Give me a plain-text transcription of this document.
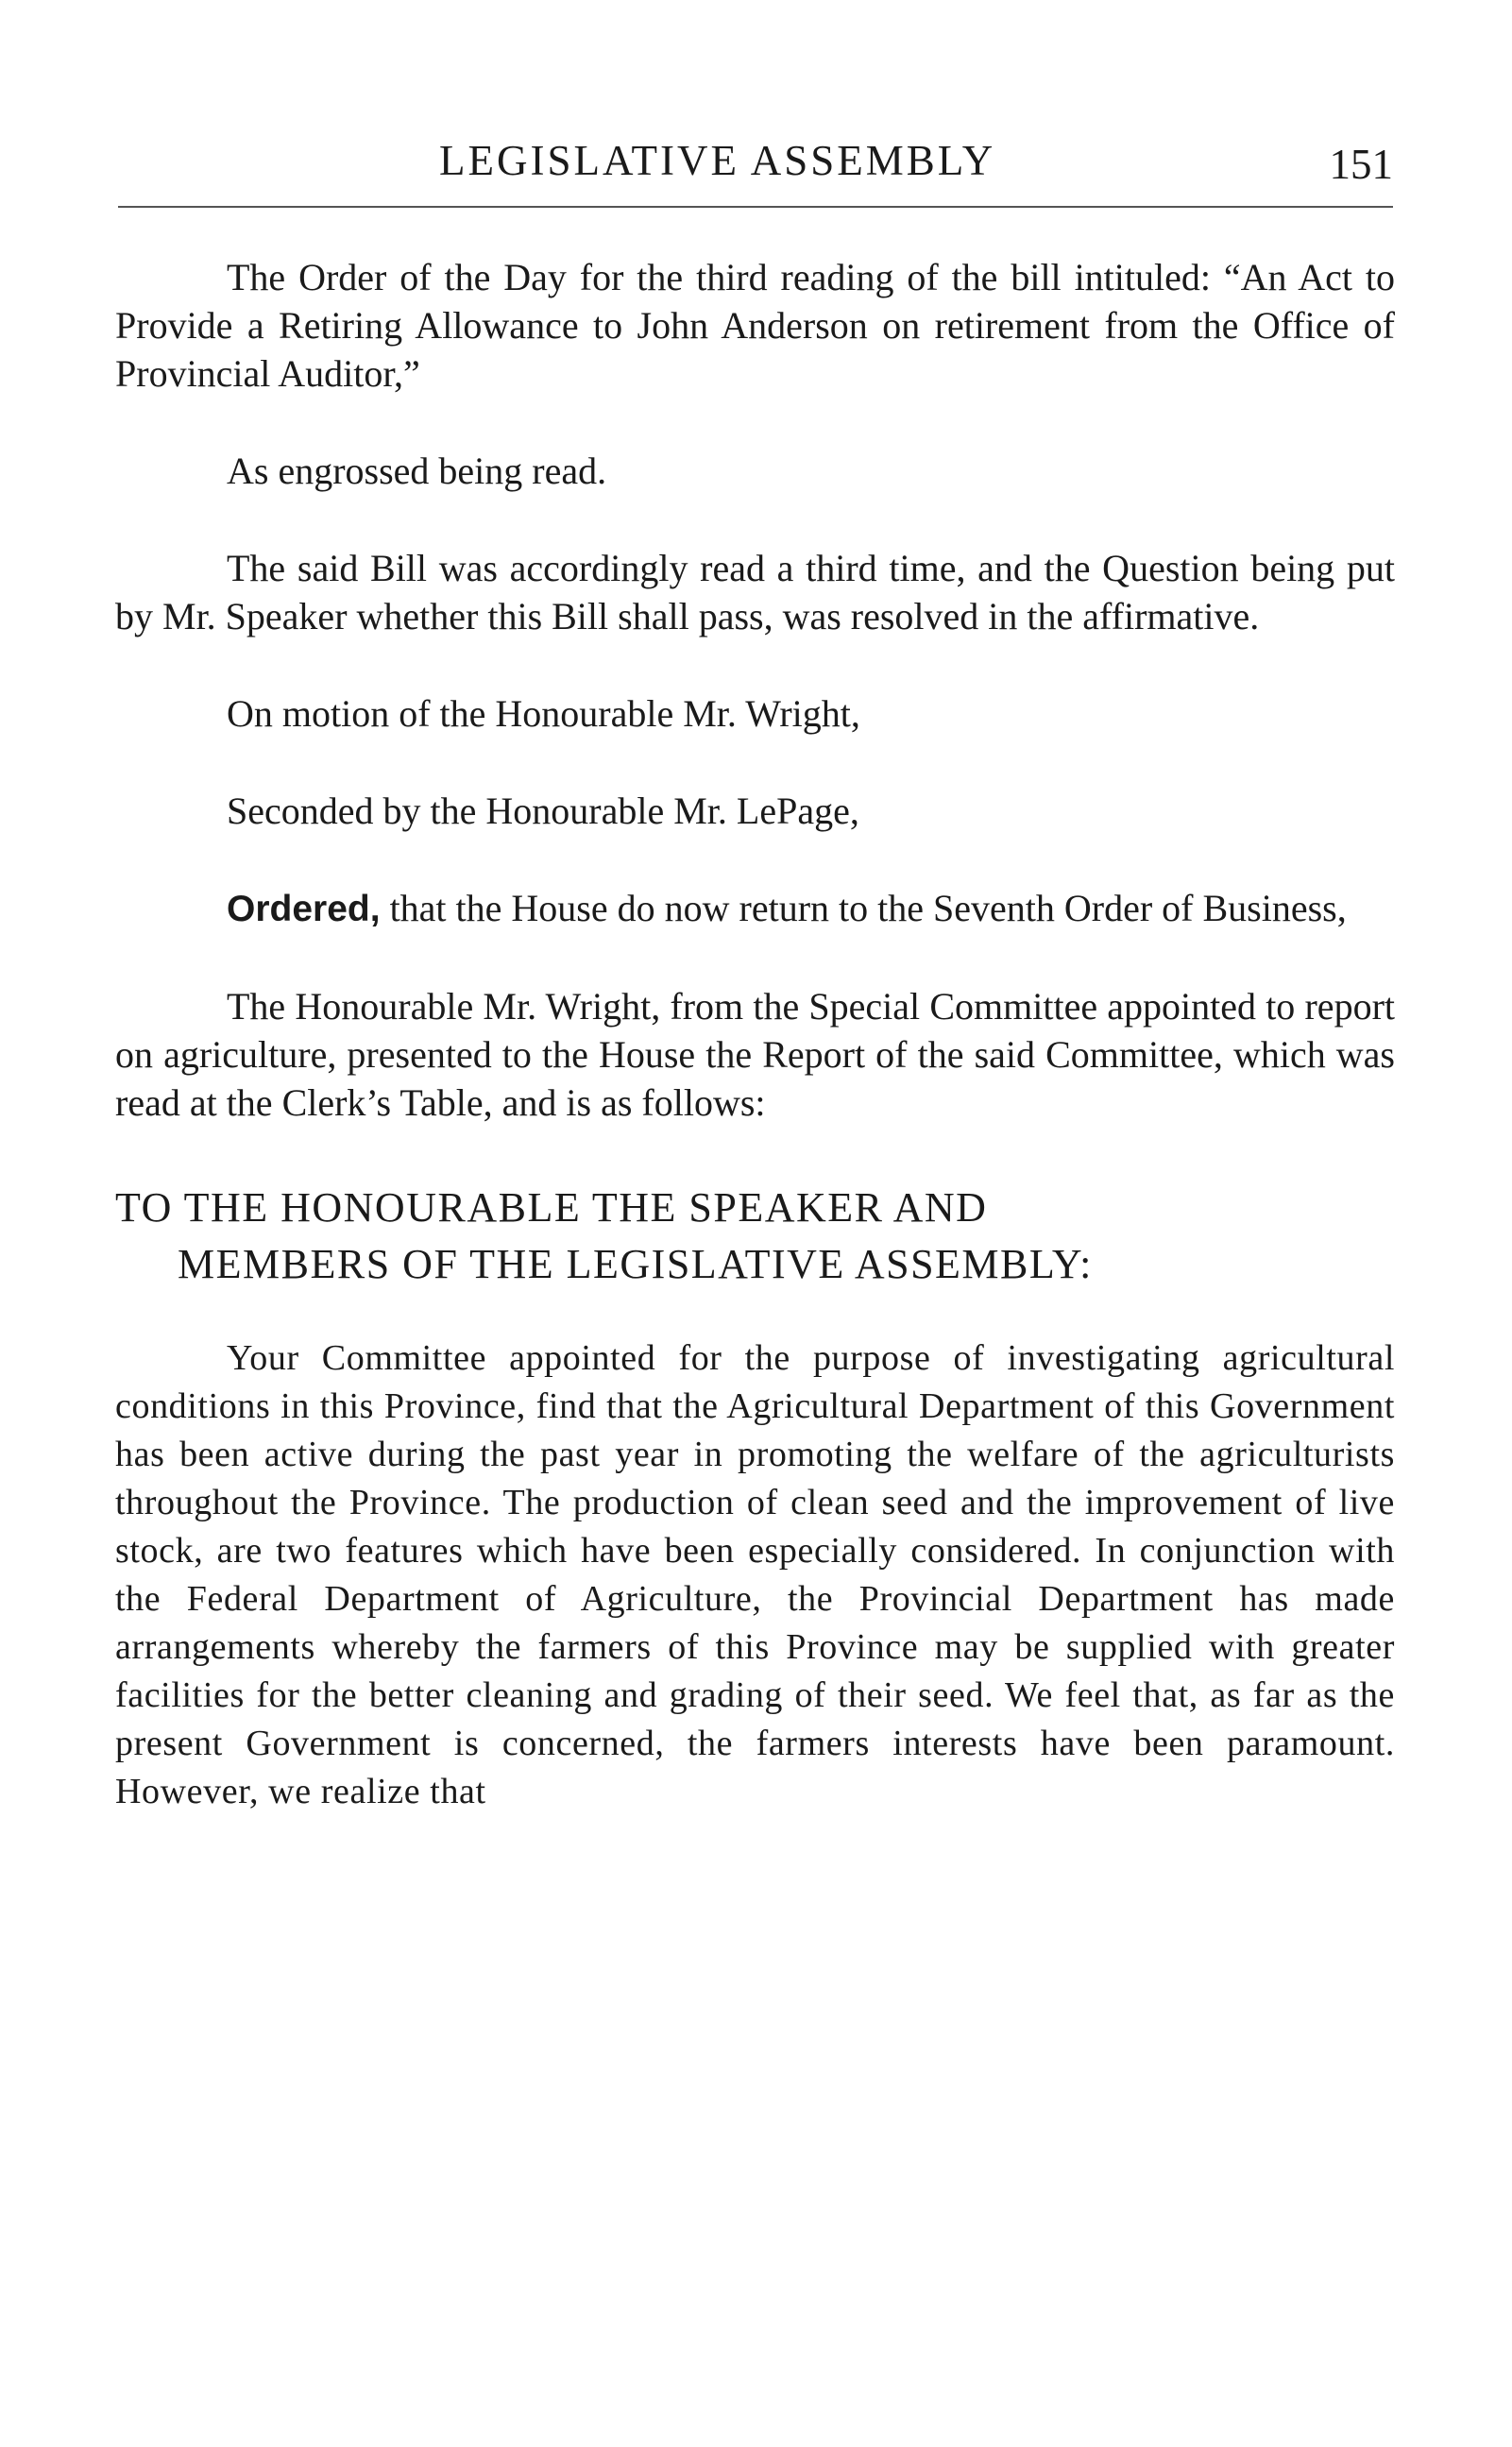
LEGISLATIVE ASSEMBLY	151

The Order of the Day for the third reading of the bill intituled: “An Act to Provide a Retiring Allowance to John Anderson on retirement from the Office of Provincial Auditor,”

As engrossed being read.

The said Bill was accordingly read a third time, and the Question being put by Mr. Speaker whether this Bill shall pass, was resolved in the affirmative.

On motion of the Honourable Mr. Wright,

Seconded by the Honourable Mr. LePage,

Ordered, that the House do now return to the Seventh Order of Business,

The Honourable Mr. Wright, from the Special Committee appointed to report on agriculture, presented to the House the Report of the said Committee, which was read at the Clerk’s Table, and is as follows:

TO THE HONOURABLE THE SPEAKER AND
MEMBERS OF THE LEGISLATIVE ASSEMBLY:

Your Committee appointed for the purpose of investigating agricultural conditions in this Province, find that the Agricultural Department of this Government has been active during the past year in promoting the welfare of the agriculturists throughout the Province. The production of clean seed and the improvement of live stock, are two features which have been especially considered. In conjunction with the Federal Department of Agriculture, the Provincial Department has made arrangements whereby the farmers of this Province may be supplied with greater facilities for the better cleaning and grading of their seed. We feel that, as far as the present Government is concerned, the farmers interests have been paramount. However, we realize that
